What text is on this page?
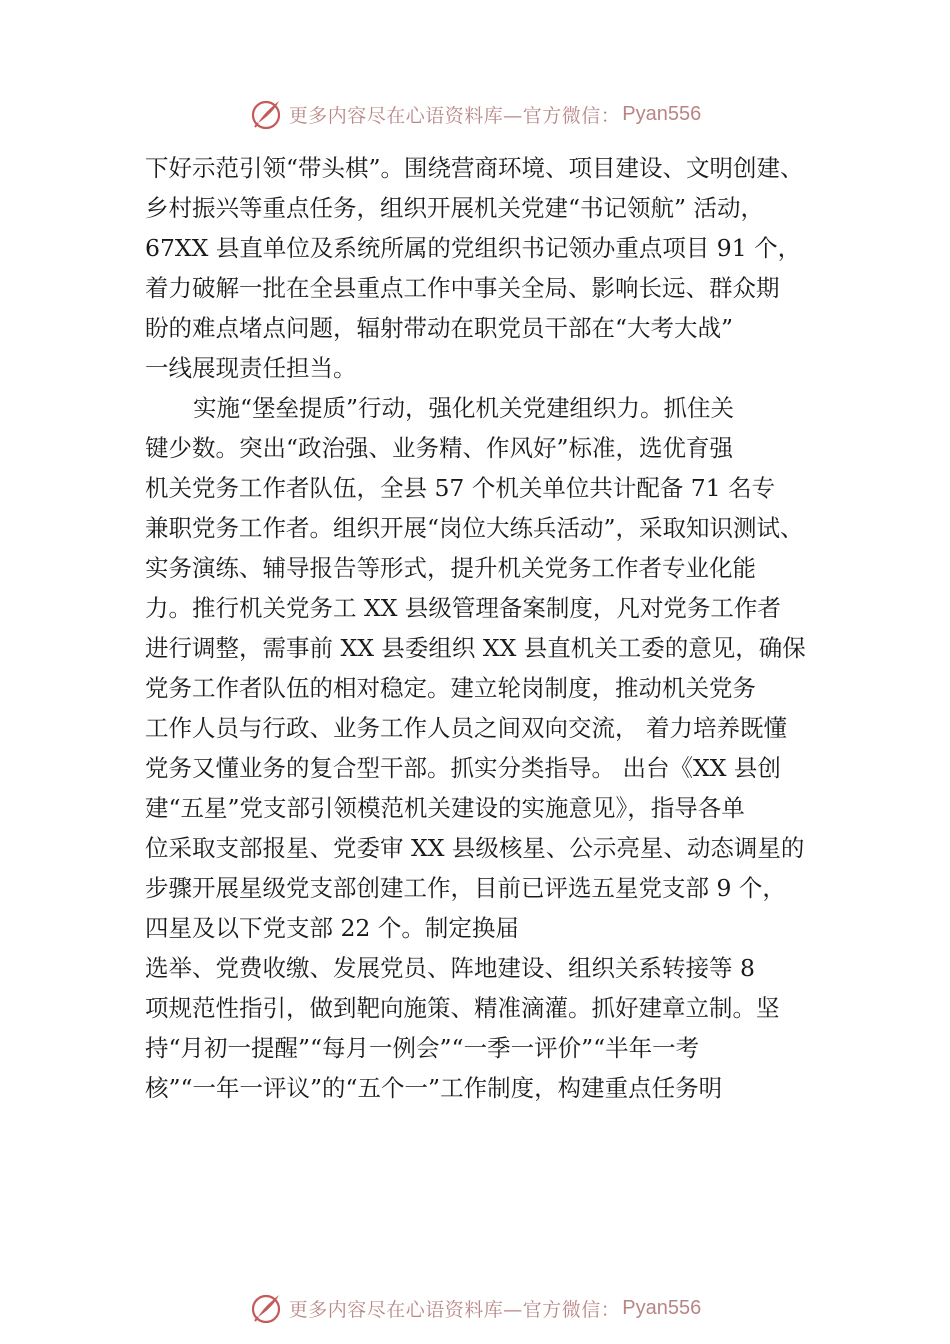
更多内容尽在心语资料库—官方微信： Pyan556
下好示范引领“带头棋”。围绕营商环境、项目建设、文明创建、
乡村振兴等重点任务，组织开展机关党建“书记领航” 活动，
67XX 县直单位及系统所属的党组织书记领办重点项目 91 个，
着力破解一批在全县重点工作中事关全局、影响长远、群众期
盼的难点堵点问题，辐射带动在职党员干部在“大考大战”
一线展现责任担当。
实施“堡垒提质”行动，强化机关党建组织力。抓住关
键少数。突出“政治强、业务精、作风好”标准，选优育强
机关党务工作者队伍，全县 57 个机关单位共计配备 71 名专
兼职党务工作者。组织开展“岗位大练兵活动”，采取知识测试、
实务演练、辅导报告等形式，提升机关党务工作者专业化能
力。推行机关党务工 XX 县级管理备案制度，凡对党务工作者
进行调整，需事前 XX 县委组织 XX 县直机关工委的意见，确保
党务工作者队伍的相对稳定。建立轮岗制度，推动机关党务
工作人员与行政、业务工作人员之间双向交流， 着力培养既懂
党务又懂业务的复合型干部。抓实分类指导。 出台《XX 县创
建“五星”党支部引领模范机关建设的实施意见》，指导各单
位采取支部报星、党委审 XX 县级核星、公示亮星、动态调星的
步骤开展星级党支部创建工作，目前已评选五星党支部 9 个，
四星及以下党支部 22 个。制定换届
选举、党费收缴、发展党员、阵地建设、组织关系转接等 8
项规范性指引，做到靶向施策、精准滴灌。抓好建章立制。坚
持“月初一提醒”“每月一例会”“一季一评价”“半年一考
核”“一年一评议”的“五个一”工作制度，构建重点任务明
更多内容尽在心语资料库—官方微信： Pyan556
